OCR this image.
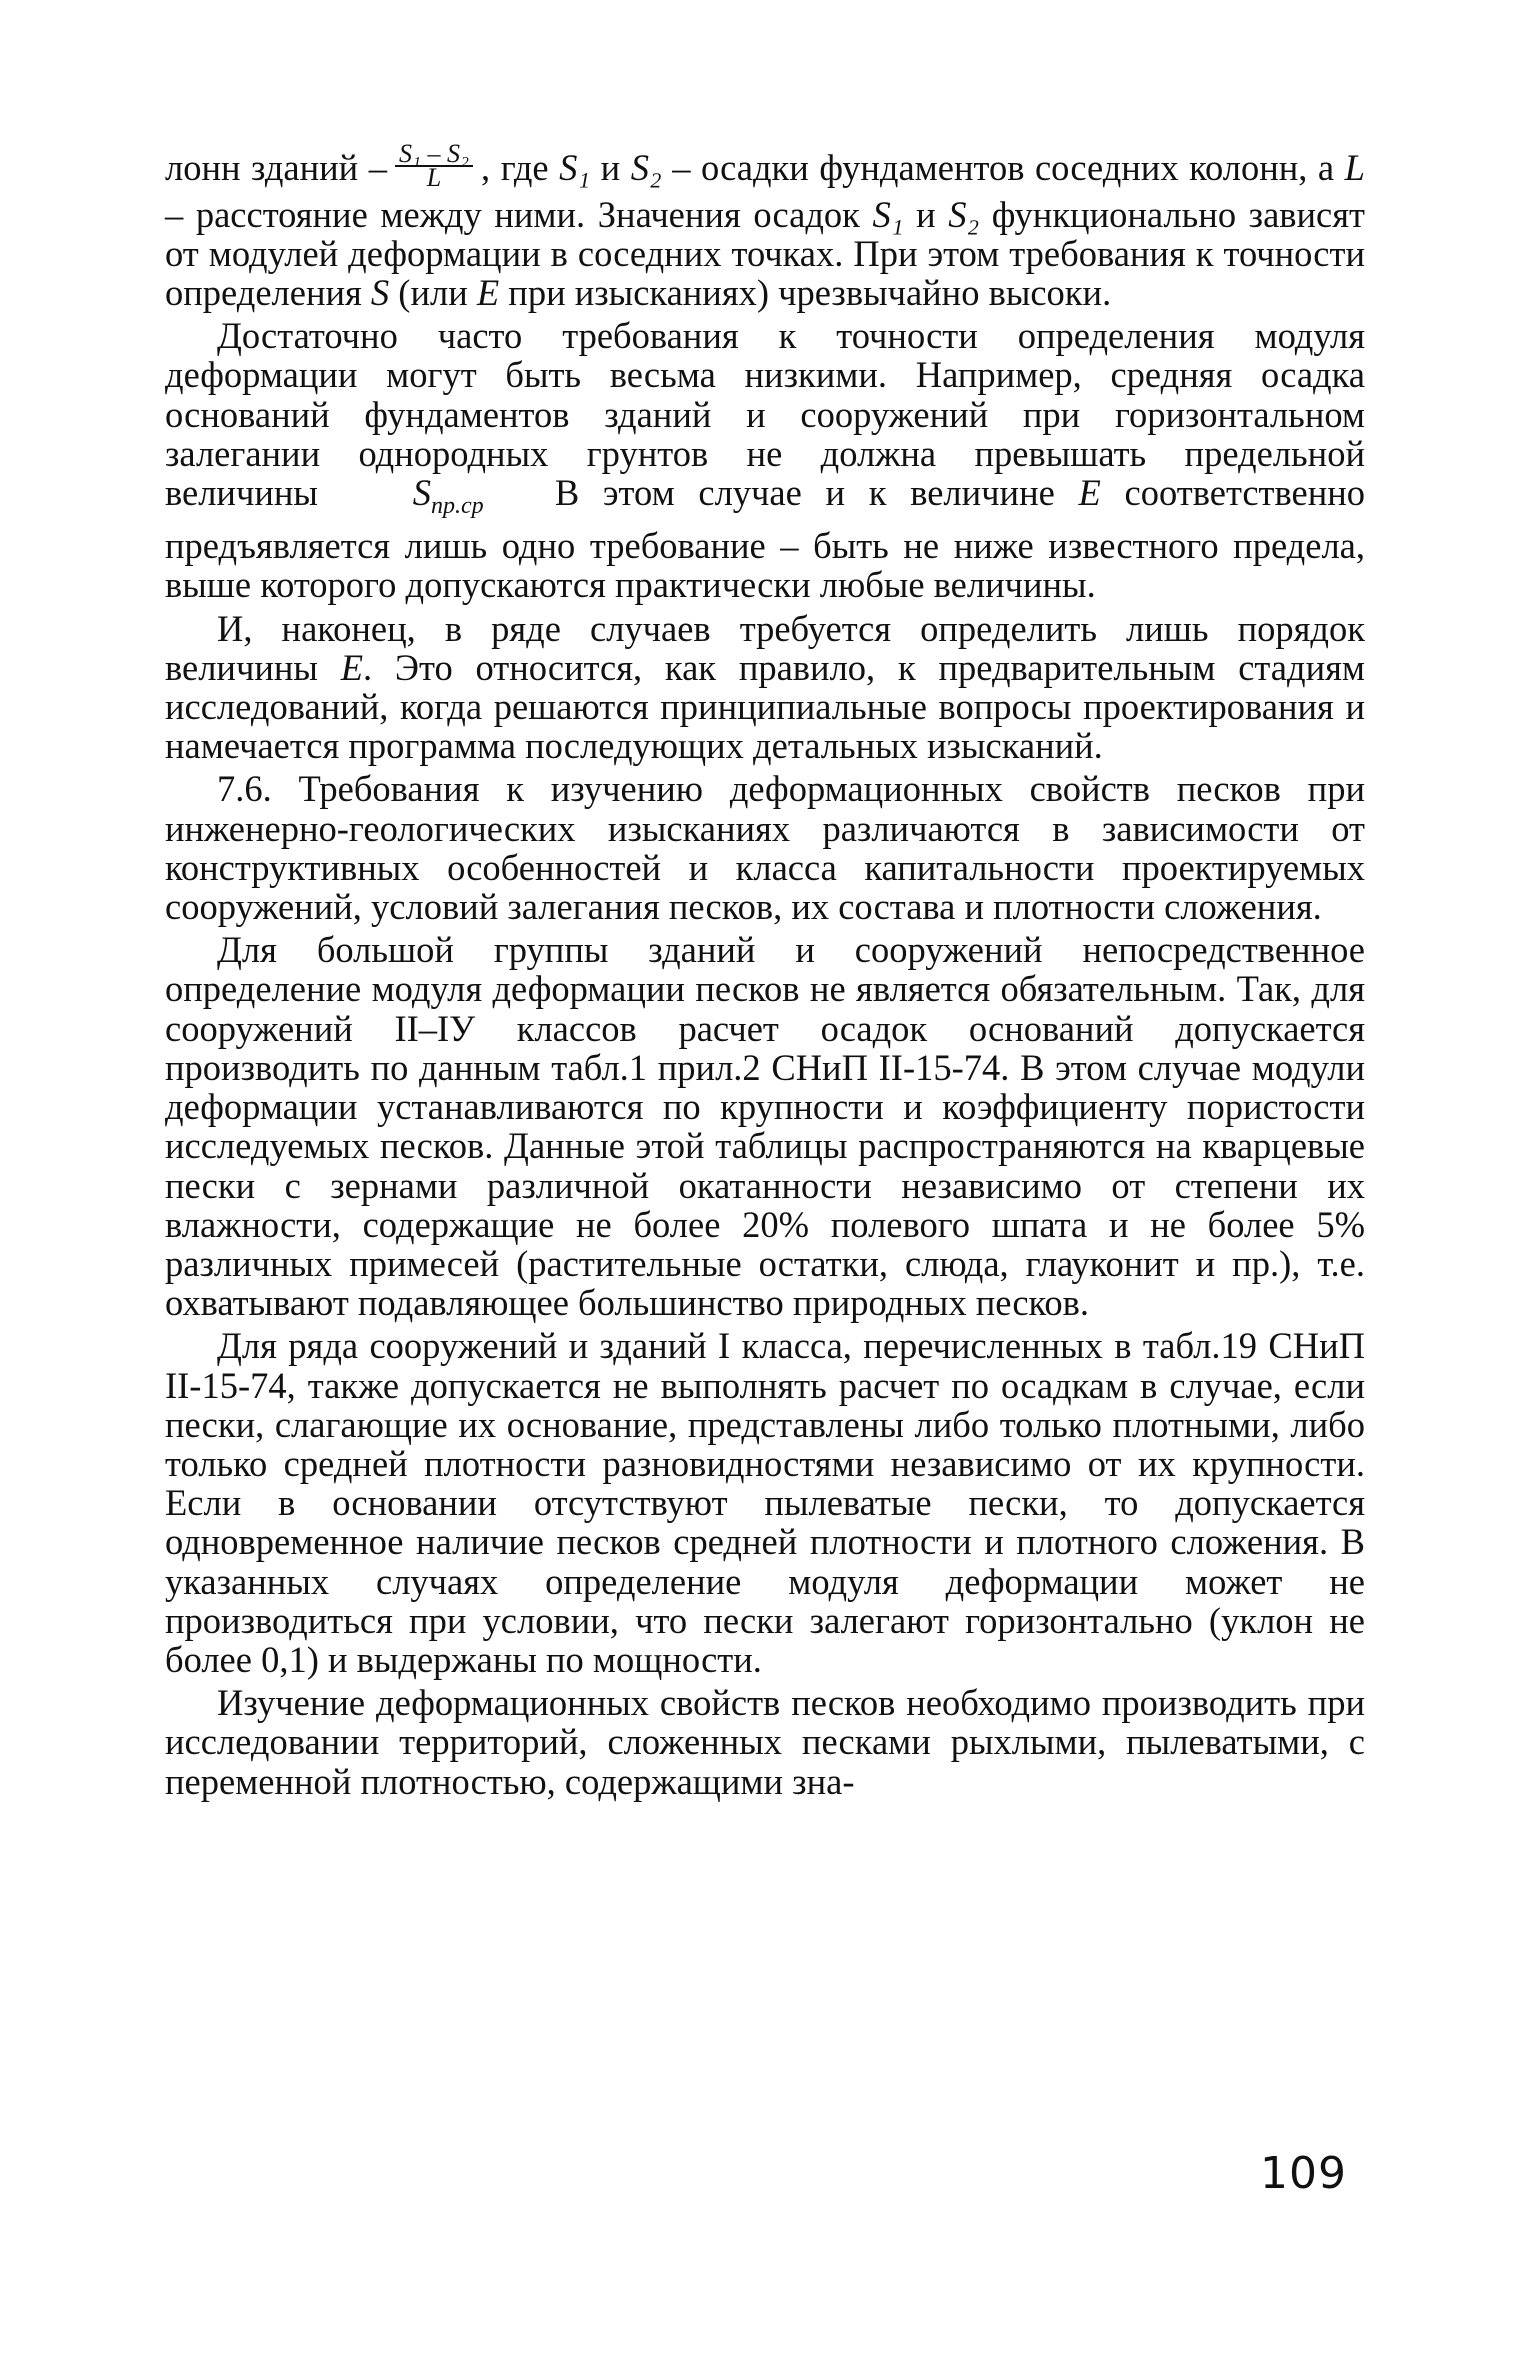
лонн зданий – $\frac{\text{S₁ – S₂}}{L}$ , где S₁ и S₂ – осадки фундаментов соседних колонн, а L – расстояние между ними. Значения осадок S₁ и S₂ функционально зависят от модулей деформации в соседних точках. При этом требования к точности определения S (или E при изысканиях) чрезвычайно высоки.

Достаточно часто требования к точности определения модуля деформации могут быть весьма низкими. Например, средняя осадка оснований фундаментов зданий и сооружений при горизонтальном залегании однородных грунтов не должна превышать предельной величины	$S_{пр.ср}$ В этом случае и к величине E соответственно предъявляется лишь одно требование – быть не ниже известного предела, выше которого допускаются практически любые величины.

И, наконец, в ряде случаев требуется определить лишь порядок величины E. Это относится, как правило, к предварительным стадиям исследований, когда решаются принципиальные вопросы проектирования и намечается программа последующих детальных изысканий.

7.6. Требования к изучению деформационных свойств песков при инженерно-геологических изысканиях различаются в зависимости от конструктивных особенностей и класса капитальности проектируемых сооружений, условий залегания песков, их состава и плотности сложения.

Для большой группы зданий и сооружений непосредственное определение модуля деформации песков не является обязательным. Так, для сооружений II–IУ классов расчет осадок оснований допускается производить по данным табл.1 прил.2 СНиП II-15-74. В этом случае модули деформации устанавливаются по крупности и коэффициенту пористости исследуемых песков. Данные этой таблицы распространяются на кварцевые пески с зернами различной окатанности независимо от степени их влажности, содержащие не более 20% полевого шпата и не более 5% различных примесей (растительные остатки, слюда, глауконит и пр.), т.е. охватывают подавляющее большинство природных песков.

Для ряда сооружений и зданий I класса, перечисленных в табл.19 СНиП II-15-74, также допускается не выполнять расчет по осадкам в случае, если пески, слагающие их основание, представлены либо только плотными, либо только средней плотности разновидностями независимо от их крупности. Если в основании отсутствуют пылеватые пески, то допускается одновременное наличие песков средней плотности и плотного сложения. В указанных случаях определение модуля деформации может не производиться при условии, что пески залегают горизонтально (уклон не более 0,1) и выдержаны по мощности.

Изучение деформационных свойств песков необходимо производить при исследовании территорий, сложенных песками рыхлыми, пылеватыми, с переменной плотностью, содержащими зна-

109
